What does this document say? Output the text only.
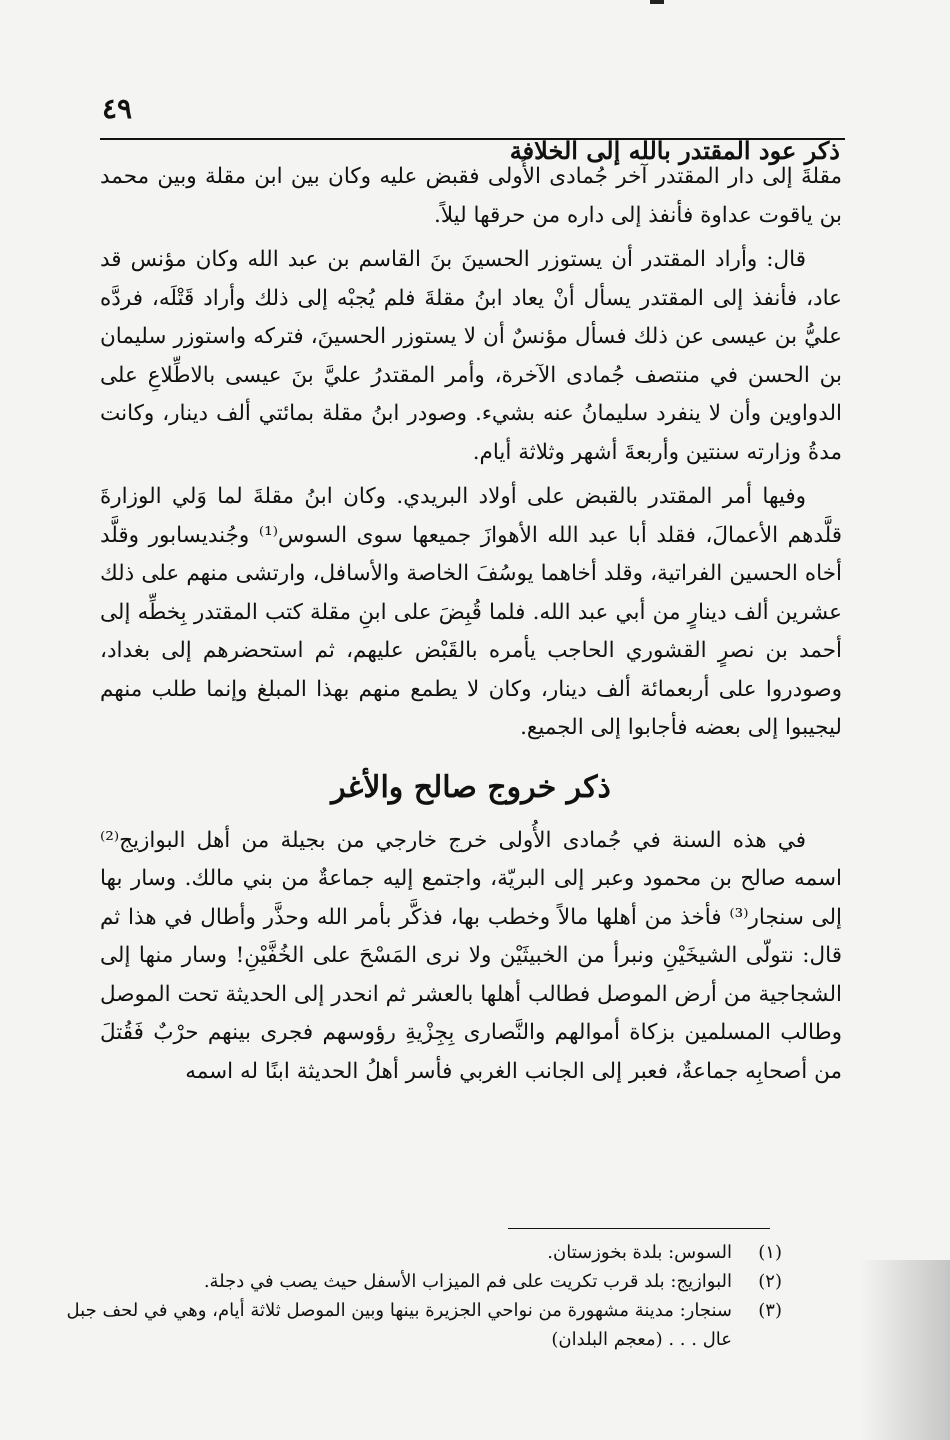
٤٩
ذكر عود المقتدر بالله إلى الخلافة

مقلةَ إلى دار المقتدر آخر جُمادى الأُولى فقبض عليه وكان بين ابن مقلة وبين محمد بن ياقوت عداوة فأنفذ إلى داره من حرقها ليلاً.

قال: وأراد المقتدر أن يستوزر الحسينَ بنَ القاسم بن عبد الله وكان مؤنس قد عاد، فأنفذ إلى المقتدر يسأل أنْ يعاد ابنُ مقلةَ فلم يُجبْه إلى ذلك وأراد قَتْلَه، فردَّه عليُّ بن عيسى عن ذلك فسأل مؤنسٌ أن لا يستوزر الحسينَ، فتركه واستوزر سليمان بن الحسن في منتصف جُمادى الآخرة، وأمر المقتدرُ عليَّ بنَ عيسى بالاطِّلاعِ على الدواوين وأن لا ينفرد سليمانُ عنه بشيء. وصودر ابنُ مقلة بمائتي ألف دينار، وكانت مدةُ وزارته سنتين وأربعةَ أشهر وثلاثة أيام.

وفيها أمر المقتدر بالقبض على أولاد البريدي. وكان ابنُ مقلةَ لما وَلي الوزارةَ قلَّدهم الأعمالَ، فقلد أبا عبد الله الأهوازَ جميعها سوى السوس⁽¹⁾ وجُنديسابور وقلَّد أخاه الحسين الفراتية، وقلد أخاهما يوسُفَ الخاصة والأسافل، وارتشى منهم على ذلك عشرين ألف دينارٍ من أبي عبد الله. فلما قُبِضَ على ابنِ مقلة كتب المقتدر بِخطِّه إلى أحمد بن نصرٍ القشوري الحاجب يأمره بالقَبْض عليهم، ثم استحضرهم إلى بغداد، وصودروا على أربعمائة ألف دينار، وكان لا يطمع منهم بهذا المبلغ وإنما طلب منهم ليجيبوا إلى بعضه فأجابوا إلى الجميع.

ذكر خروج صالح والأغر

في هذه السنة في جُمادى الأُولى خرج خارجي من بجيلة من أهل البوازيج⁽²⁾ اسمه صالح بن محمود وعبر إلى البريّة، واجتمع إليه جماعةٌ من بني مالك. وسار بها إلى سنجار⁽³⁾ فأخذ من أهلها مالاً وخطب بها، فذكَّر بأمر الله وحذَّر وأطال في هذا ثم قال: نتولّى الشيخَيْنِ ونبرأ من الخبيثَيْن ولا نرى المَسْحَ على الخُفَّيْنِ! وسار منها إلى الشجاجية من أرض الموصل فطالب أهلها بالعشر ثم انحدر إلى الحديثة تحت الموصل وطالب المسلمين بزكاة أموالهم والنَّصارى بِجِزْيةِ رؤوسهم فجرى بينهم حرْبٌ فَقُتلَ من أصحابِه جماعةٌ، فعبر إلى الجانب الغربي فأسر أهلُ الحديثة ابنًا له اسمه

(١)
السوس: بلدة بخوزستان.
(٢)
البوازيج: بلد قرب تكريت على فم الميزاب الأسفل حيث يصب في دجلة.
(٣)
سنجار: مدينة مشهورة من نواحي الجزيرة بينها وبين الموصل ثلاثة أيام، وهي في لحف جبل
عال . . . (معجم البلدان)
